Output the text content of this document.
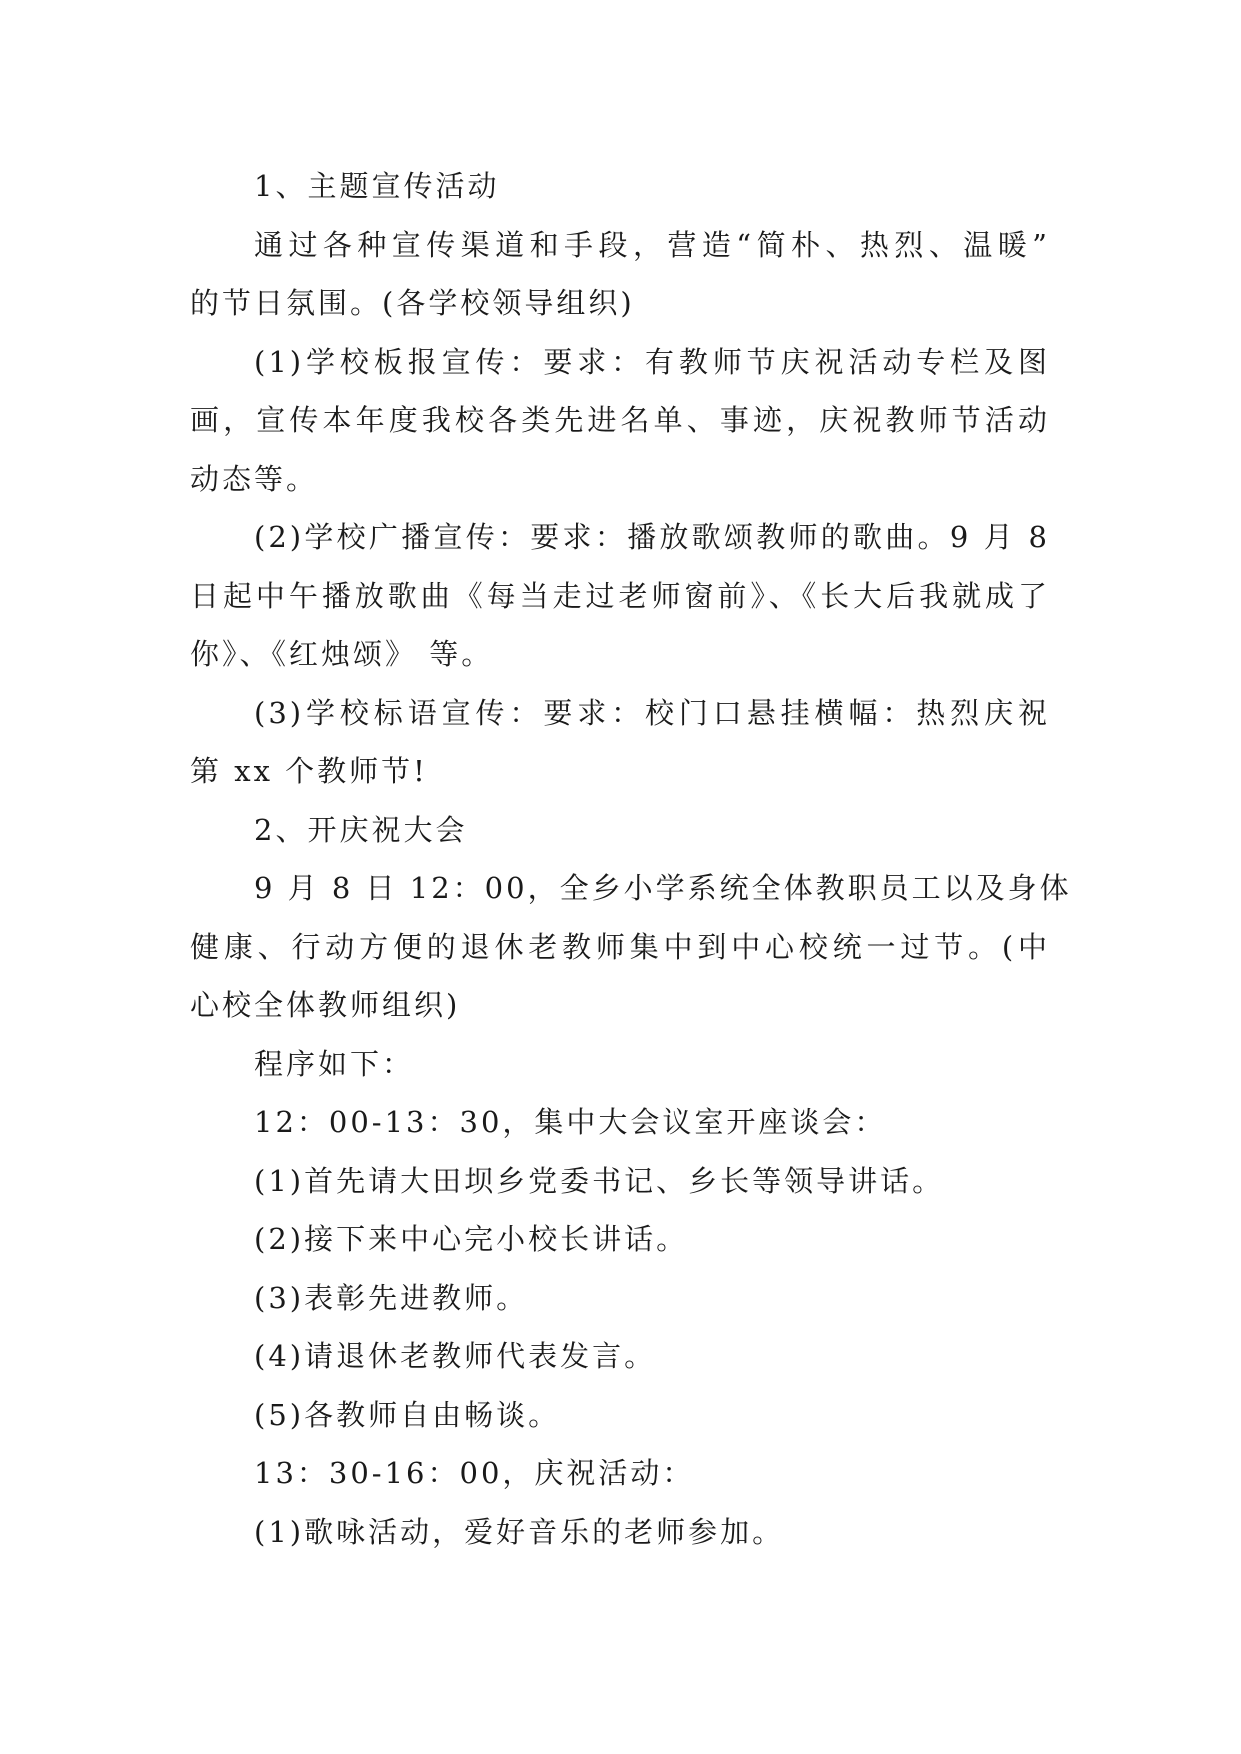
1、主题宣传活动

通过各种宣传渠道和手段，营造“简朴、热烈、温暖”

的节日氛围。(各学校领导组织)

(1)学校板报宣传：要求：有教师节庆祝活动专栏及图

画，宣传本年度我校各类先进名单、事迹，庆祝教师节活动

动态等。

(2)学校广播宣传：要求：播放歌颂教师的歌曲。9 月 8

日起中午播放歌曲《每当走过老师窗前》、《长大后我就成了

你》、《红烛颂》 等。

(3)学校标语宣传：要求：校门口悬挂横幅：热烈庆祝

第 xx 个教师节!

2、开庆祝大会

9 月 8 日 12：00，全乡小学系统全体教职员工以及身体

健康、行动方便的退休老教师集中到中心校统一过节。(中

心校全体教师组织)

程序如下：

12：00-13：30，集中大会议室开座谈会：

(1)首先请大田坝乡党委书记、乡长等领导讲话。

(2)接下来中心完小校长讲话。

(3)表彰先进教师。

(4)请退休老教师代表发言。

(5)各教师自由畅谈。

13：30-16：00，庆祝活动：

(1)歌咏活动，爱好音乐的老师参加。
